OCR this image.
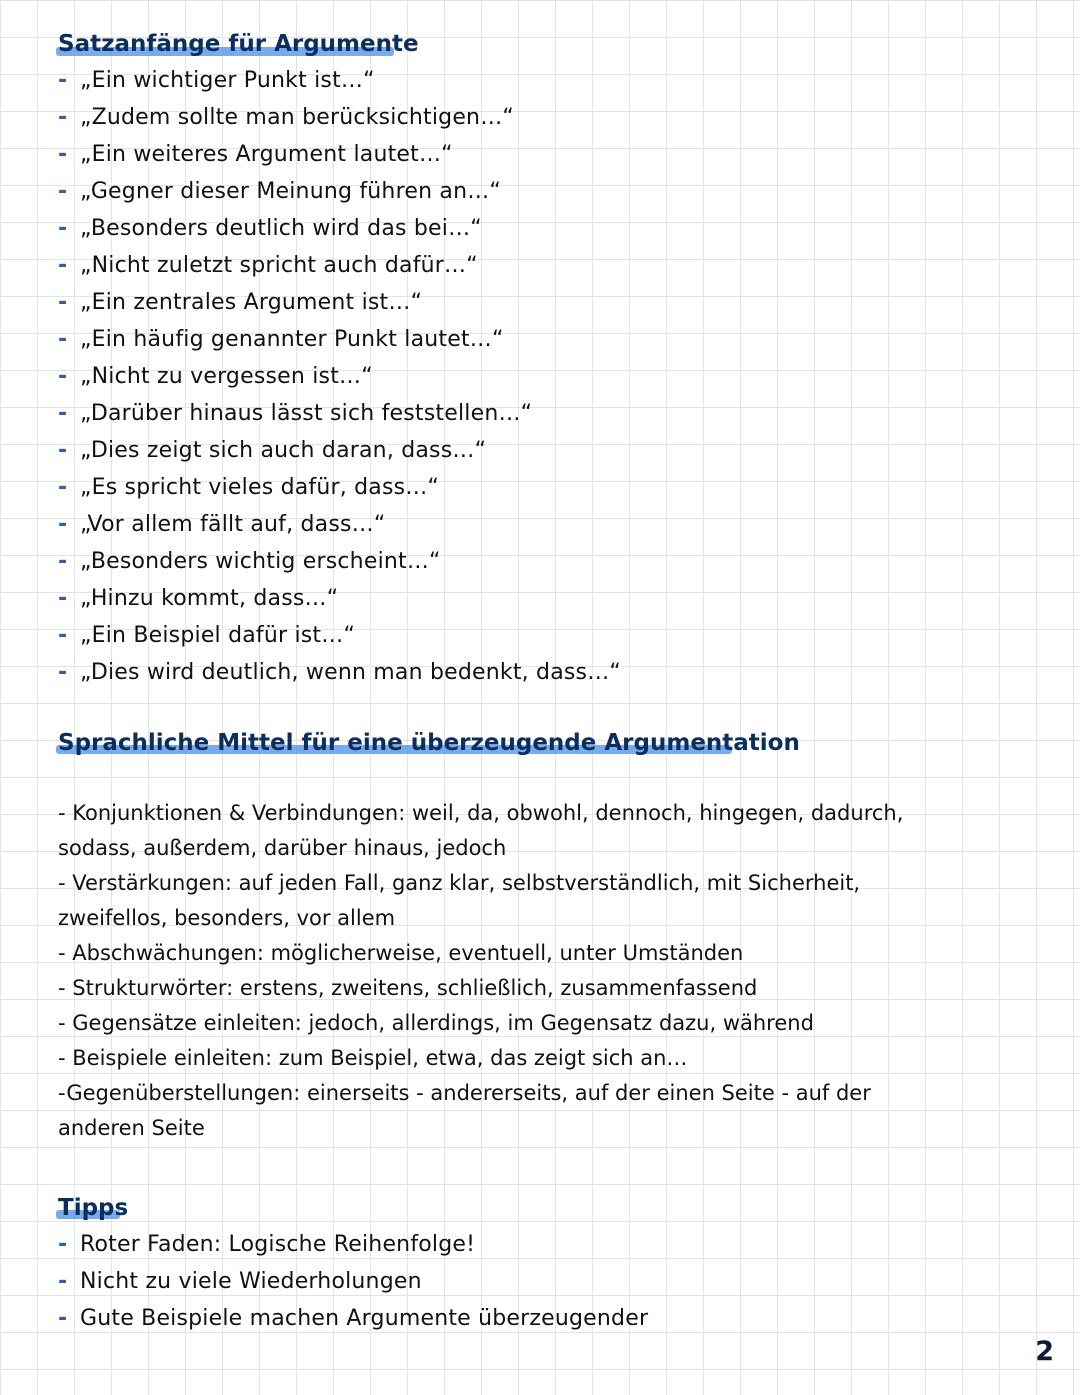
Satzanfänge für Argumente
- „Ein wichtiger Punkt ist…“
- „Zudem sollte man berücksichtigen…“
- „Ein weiteres Argument lautet…“
- „Gegner dieser Meinung führen an…“
- „Besonders deutlich wird das bei…“
- „Nicht zuletzt spricht auch dafür…“
- „Ein zentrales Argument ist…“
- „Ein häufig genannter Punkt lautet…“
- „Nicht zu vergessen ist…“
- „Darüber hinaus lässt sich feststellen…“
- „Dies zeigt sich auch daran, dass…“
- „Es spricht vieles dafür, dass…“
- „Vor allem fällt auf, dass…“
- „Besonders wichtig erscheint…“
- „Hinzu kommt, dass…“
- „Ein Beispiel dafür ist…“
- „Dies wird deutlich, wenn man bedenkt, dass…“
Sprachliche Mittel für eine überzeugende Argumentation
- Konjunktionen & Verbindungen: weil, da, obwohl, dennoch, hingegen, dadurch,
sodass, außerdem, darüber hinaus, jedoch
- Verstärkungen: auf jeden Fall, ganz klar, selbstverständlich, mit Sicherheit,
zweifellos, besonders, vor allem
- Abschwächungen: möglicherweise, eventuell, unter Umständen
- Strukturwörter: erstens, zweitens, schließlich, zusammenfassend
- Gegensätze einleiten: jedoch, allerdings, im Gegensatz dazu, während
- Beispiele einleiten: zum Beispiel, etwa, das zeigt sich an…
-Gegenüberstellungen: einerseits - andererseits, auf der einen Seite - auf der
anderen Seite
Tipps
- Roter Faden: Logische Reihenfolge!
- Nicht zu viele Wiederholungen
- Gute Beispiele machen Argumente überzeugender
2
